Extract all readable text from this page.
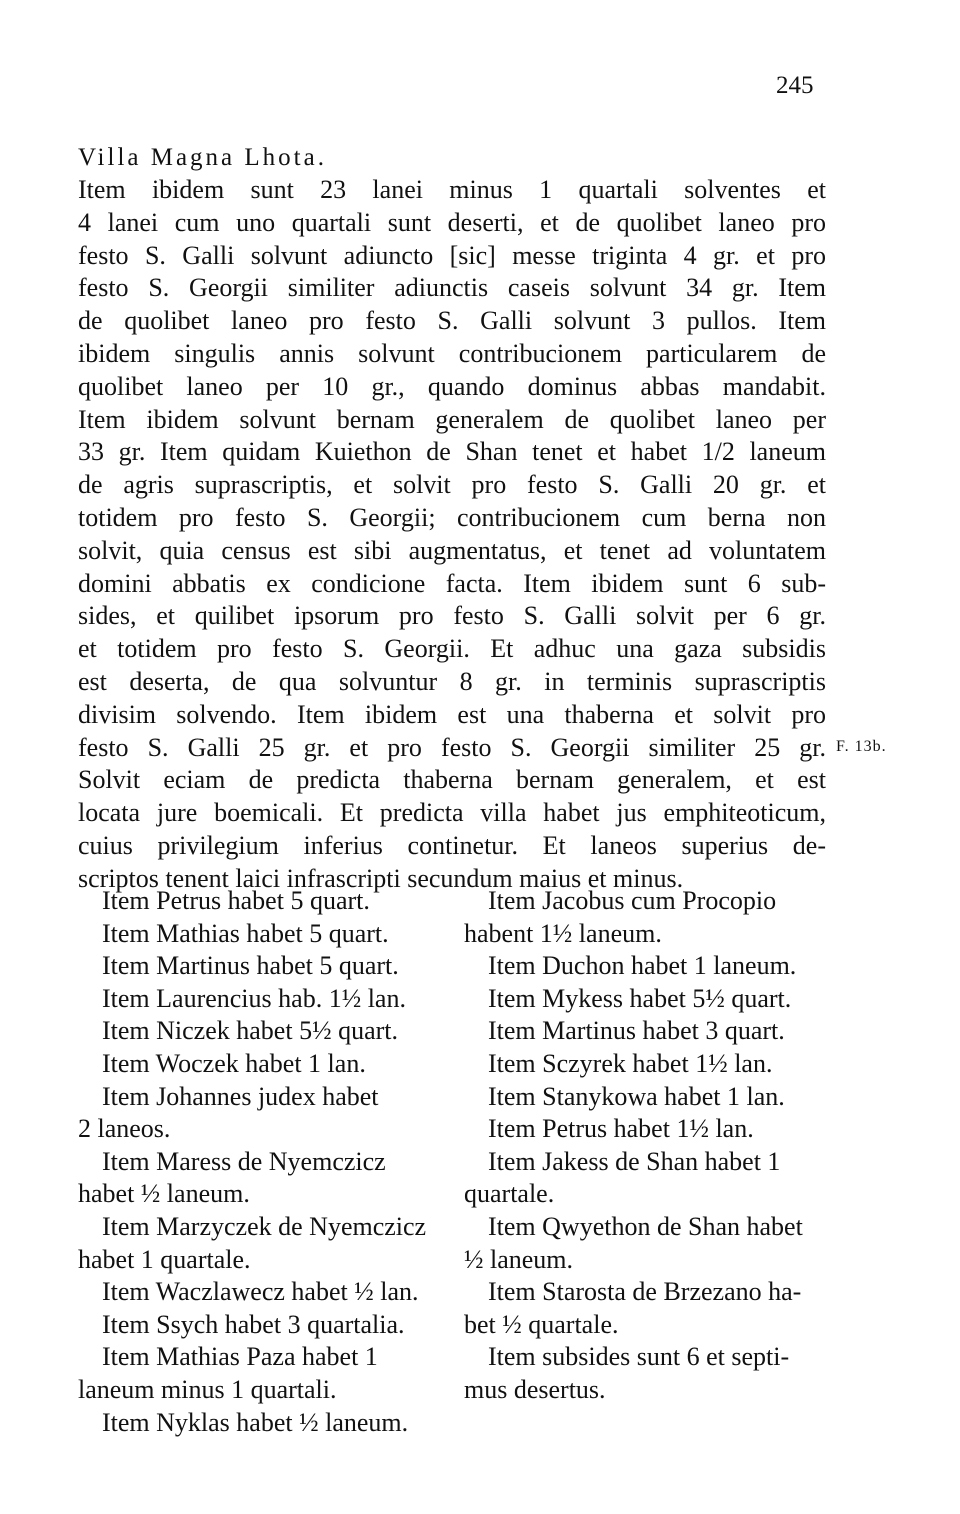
245
Villa Magna Lhota.
Item ibidem sunt 23 lanei minus 1 quartali solventes et
4 lanei cum uno quartali sunt deserti, et de quolibet laneo pro
festo S. Galli solvunt adiuncto [sic] messe triginta 4 gr. et pro
festo S. Georgii similiter adiunctis caseis solvunt 34 gr. Item
de quolibet laneo pro festo S. Galli solvunt 3 pullos. Item
ibidem singulis annis solvunt contribucionem particularem de
quolibet laneo per 10 gr., quando dominus abbas mandabit.
Item ibidem solvunt bernam generalem de quolibet laneo per
33 gr. Item quidam Kuiethon de Shan tenet et habet 1/2 laneum
de agris suprascriptis, et solvit pro festo S. Galli 20 gr. et
totidem pro festo S. Georgii; contribucionem cum berna non
solvit, quia census est sibi augmentatus, et tenet ad voluntatem
domini abbatis ex condicione facta. Item ibidem sunt 6 sub-
sides, et quilibet ipsorum pro festo S. Galli solvit per 6 gr.
et totidem pro festo S. Georgii. Et adhuc una gaza subsidis
est deserta, de qua solvuntur 8 gr. in terminis suprascriptis
divisim solvendo. Item ibidem est una thaberna et solvit pro
festo S. Galli 25 gr. et pro festo S. Georgii similiter 25 gr.
Solvit eciam de predicta thaberna bernam generalem, et est
locata jure boemicali. Et predicta villa habet jus emphiteoticum,
cuius privilegium inferius continetur. Et laneos superius de-
scriptos tenent laici infrascripti secundum maius et minus.
F. 13b.
Item Petrus habet 5 quart.
Item Mathias habet 5 quart.
Item Martinus habet 5 quart.
Item Laurencius hab. 1½ lan.
Item Niczek habet 5½ quart.
Item Woczek habet 1 lan.
Item Johannes judex habet
2 laneos.
Item Maress de Nyemczicz
habet ½ laneum.
Item Marzyczek de Nyemczicz
habet 1 quartale.
Item Waczlawecz habet ½ lan.
Item Ssych habet 3 quartalia.
Item Mathias Paza habet 1
laneum minus 1 quartali.
Item Nyklas habet ½ laneum.
Item Jacobus cum Procopio
habent 1½ laneum.
Item Duchon habet 1 laneum.
Item Mykess habet 5½ quart.
Item Martinus habet 3 quart.
Item Sczyrek habet 1½ lan.
Item Stanykowa habet 1 lan.
Item Petrus habet 1½ lan.
Item Jakess de Shan habet 1
quartale.
Item Qwyethon de Shan habet
½ laneum.
Item Starosta de Brzezano ha-
bet ½ quartale.
Item subsides sunt 6 et septi-
mus desertus.
